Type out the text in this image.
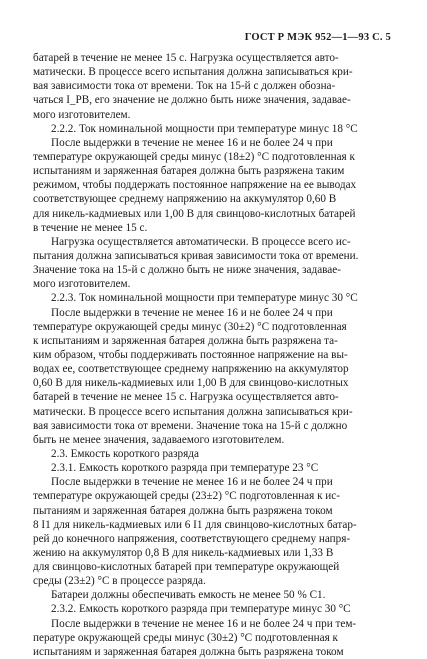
ГОСТ Р МЭК 952—1—93 С. 5
батарей в течение не менее 15 с. Нагрузка осуществляется авто-
матически. В процессе всего испытания должна записываться кри-
вая зависимости тока от времени. Ток на 15-й с должен обозна-
чаться I_PB, его значение не должно быть ниже значения, задавае-
мого изготовителем.
2.2.2. Ток номинальной мощности при температуре минус 18 °C
После выдержки в течение не менее 16 и не более 24 ч при
температуре окружающей среды минус (18±2) °C подготовленная к
испытаниям и заряженная батарея должна быть разряжена таким
режимом, чтобы поддержать постоянное напряжение на ее выводах
соответствующее среднему напряжению на аккумулятор 0,60 В
для никель-кадмиевых или 1,00 В для свинцово-кислотных батарей
в течение не менее 15 с.
Нагрузка осуществляется автоматически. В процессе всего ис-
пытания должна записываться кривая зависимости тока от времени.
Значение тока на 15-й с должно быть не ниже значения, задавае-
мого изготовителем.
2.2.3. Ток номинальной мощности при температуре минус 30 °C
После выдержки в течение не менее 16 и не более 24 ч при
температуре окружающей среды минус (30±2) °C подготовленная
к испытаниям и заряженная батарея должна быть разряжена та-
ким образом, чтобы поддерживать постоянное напряжение на вы-
водах ее, соответствующее среднему напряжению на аккумулятор
0,60 В для никель-кадмиевых или 1,00 В для свинцово-кислотных
батарей в течение не менее 15 с. Нагрузка осуществляется авто-
матически. В процессе всего испытания должна записываться кри-
вая зависимости тока от времени. Значение тока на 15-й с должно
быть не менее значения, задаваемого изготовителем.
2.3. Емкость короткого разряда
2.3.1. Емкость короткого разряда при температуре 23 °C
После выдержки в течение не менее 16 и не более 24 ч при
температуре окружающей среды (23±2) °C подготовленная к ис-
пытаниям и заряженная батарея должна быть разряжена током
8 I1 для никель-кадмиевых или 6 I1 для свинцово-кислотных батар-
рей до конечного напряжения, соответствующего среднему напря-
жению на аккумулятор 0,8 В для никель-кадмиевых или 1,33 В
для свинцово-кислотных батарей при температуре окружающей
среды (23±2) °C в процессе разряда.
Батареи должны обеспечивать емкость не менее 50 % C1.
2.3.2. Емкость короткого разряда при температуре минус 30 °C
После выдержки в течение не менее 16 и не более 24 ч при тем-
пературе окружающей среды минус (30±2) °C подготовленная к
испытаниям и заряженная батарея должна быть разряжена током
